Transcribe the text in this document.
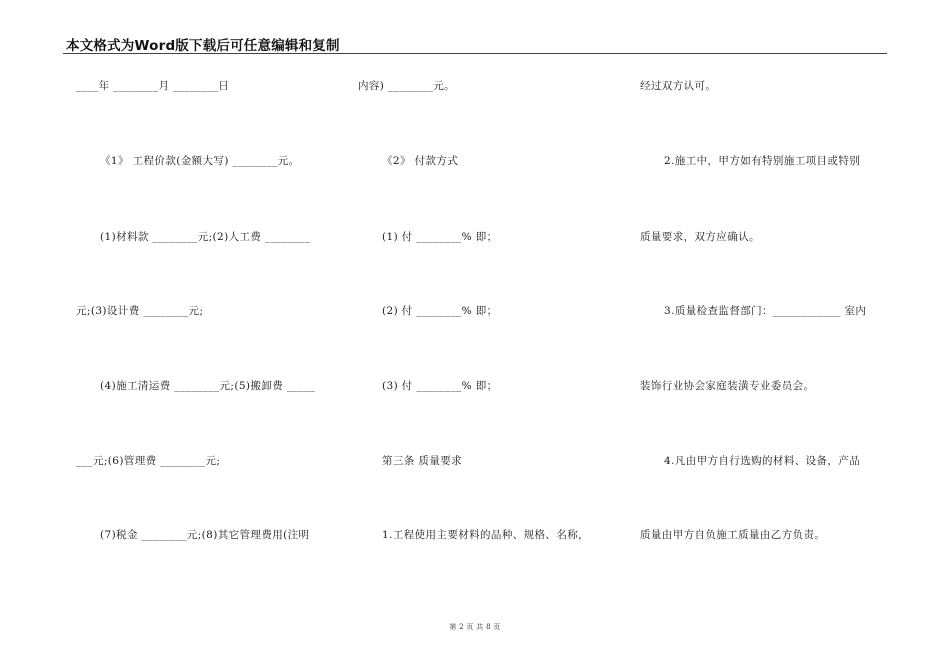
本文格式为Word版下载后可任意编辑和复制
____年 ________月 ________日
《1》 工程价款(金额大写) ________元。
(1)材料款 ________元;(2)人工费 ________
元;(3)设计费 ________元;
(4)施工清运费 ________元;(5)搬卸费 _____
___元;(6)管理费 ________元;
(7)税金 ________元;(8)其它管理费用(注明
内容) ________元。
《2》 付款方式
(1) 付 ________% 即；
(2) 付 ________% 即；
(3) 付 ________% 即；
第三条 质量要求
1.工程使用主要材料的品种、规格、名称，
经过双方认可。
2.施工中，甲方如有特别施工项目或特别
质量要求，双方应确认。
3.质量检查监督部门：____________ 室内
装饰行业协会家庭装潢专业委员会。
4.凡由甲方自行选购的材料、设备，产品
质量由甲方自负施工质量由乙方负责。
第 2 页 共 8 页
